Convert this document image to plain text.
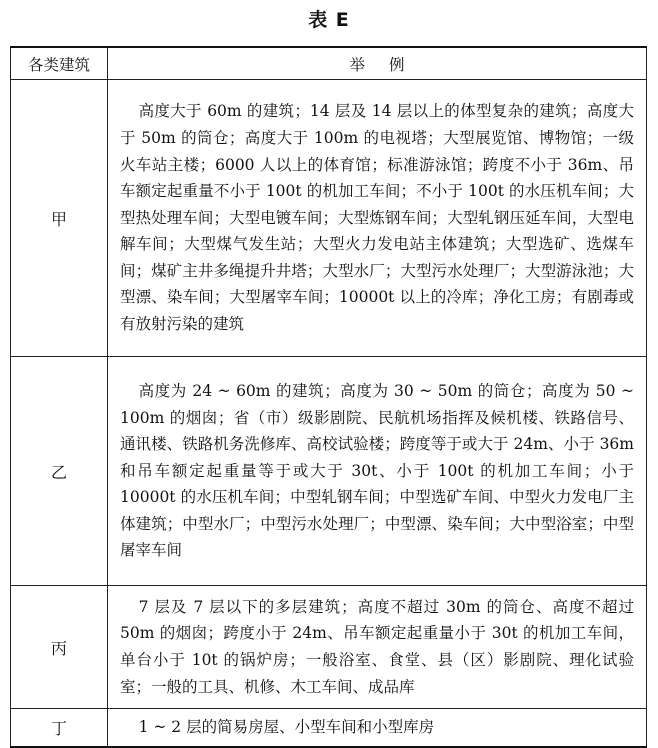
表 E
各类建筑	举例
甲	高度大于 60m 的建筑；14 层及 14 层以上的体型复杂的建筑；高度大于 50m 的筒仓；高度大于 100m 的电视塔；大型展览馆、博物馆；一级火车站主楼；6000 人以上的体育馆；标准游泳馆；跨度不小于 36m、吊车额定起重量不小于 100t 的机加工车间；不小于 100t 的水压机车间；大型热处理车间；大型电镀车间；大型炼钢车间；大型轧钢压延车间，大型电解车间；大型煤气发生站；大型火力发电站主体建筑；大型选矿、选煤车间；煤矿主井多绳提升井塔；大型水厂；大型污水处理厂；大型游泳池；大型漂、染车间；大型屠宰车间；10000t 以上的冷库；净化工房；有剧毒或有放射污染的建筑
乙	高度为 24 ~ 60m 的建筑；高度为 30 ~ 50m 的筒仓；高度为 50 ~ 100m 的烟囱；省（市）级影剧院、民航机场指挥及候机楼、铁路信号、通讯楼、铁路机务洗修库、高校试验楼；跨度等于或大于 24m、小于 36m 和吊车额定起重量等于或大于 30t、小于 100t 的机加工车间；小于 10000t 的水压机车间；中型轧钢车间；中型选矿车间、中型火力发电厂主体建筑；中型水厂；中型污水处理厂；中型漂、染车间；大中型浴室；中型屠宰车间
丙	7 层及 7 层以下的多层建筑；高度不超过 30m 的筒仓、高度不超过 50m 的烟囱；跨度小于 24m、吊车额定起重量小于 30t 的机加工车间，单台小于 10t 的锅炉房；一般浴室、食堂、县（区）影剧院、理化试验室；一般的工具、机修、木工车间、成品库
丁	1 ~ 2 层的简易房屋、小型车间和小型库房
